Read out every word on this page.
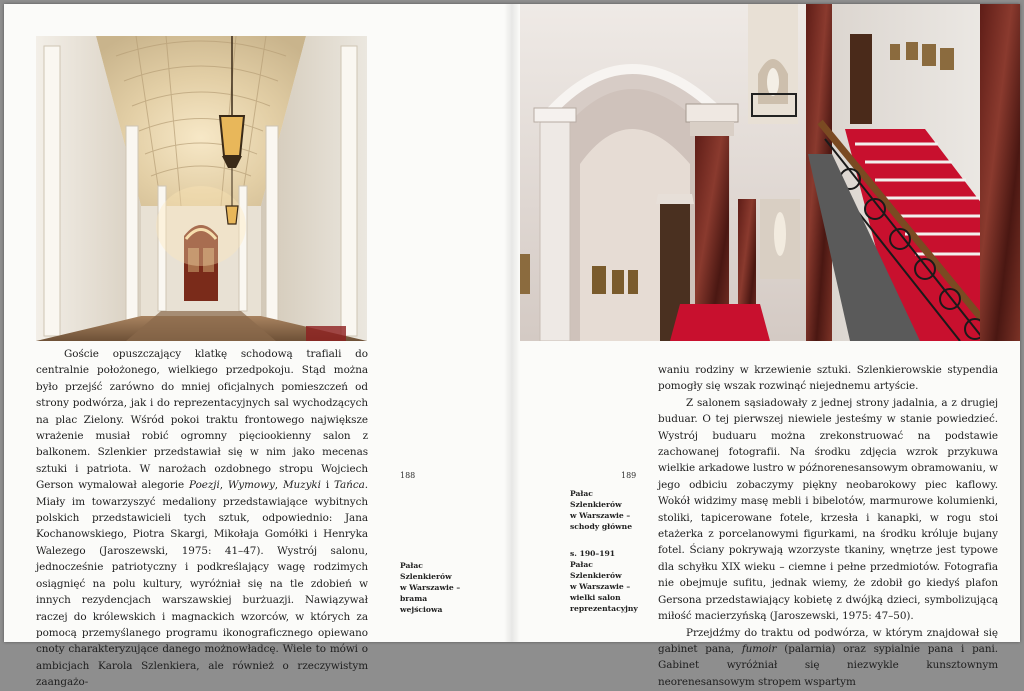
Goście opuszczający klatkę schodową trafiali do centralnie położonego, wielkiego przedpokoju. Stąd można było przejść zarówno do mniej oficjalnych pomieszczeń od strony podwórza, jak i do reprezentacyjnych sal wychodzących na plac Zielony. Wśród pokoi traktu frontowego największe wrażenie musiał robić ogromny pięciookienny salon z balkonem. Szlenkier przedstawiał się w nim jako mecenas sztuki i patriota. W narożach ozdobnego stropu Wojciech Gerson wymalował alegorie Poezji, Wymowy, Muzyki i Tańca. Miały im towarzyszyć medaliony przedstawiające wybitnych polskich przedstawicieli tych sztuk, odpowiednio: Jana Kochanowskiego, Piotra Skargi, Mikołaja Gomółki i Henryka Walezego (Jaroszewski, 1975: 41–47). Wystrój salonu, jednocześnie patriotyczny i podkreślający wagę rodzimych osiągnięć na polu kultury, wyróżniał się na tle zdobień w innych rezydencjach warszawskiej burżuazji. Nawiązywał raczej do królewskich i magnackich wzorców, w których za pomocą przemyślanego programu ikonograficznego opiewano cnoty charakteryzujące danego możnowładcę. Wiele to mówi o ambicjach Karola Szlenkiera, ale również o rzeczywistym zaangażo-

188
Pałac
Szlenkierów
w Warszawie –
brama
wejściowa
189
Pałac
Szlenkierów
w Warszawie –
schody główne
s. 190–191
Pałac
Szlenkierów
w Warszawie –
wielki salon
reprezentacyjny

waniu rodziny w krzewienie sztuki. Szlenkierowskie stypendia pomogły się wszak rozwinąć niejednemu artyście.

Z salonem sąsiadowały z jednej strony jadalnia, a z drugiej buduar. O tej pierwszej niewiele jesteśmy w stanie powiedzieć. Wystrój buduaru można zrekonstruować na podstawie zachowanej fotografii. Na środku zdjęcia wzrok przykuwa wielkie arkadowe lustro w późnorenesansowym obramowaniu, w jego odbiciu zobaczymy piękny neobarokowy piec kaflowy. Wokół widzimy masę mebli i bibelotów, marmurowe kolumienki, stoliki, tapicerowane fotele, krzesła i kanapki, w rogu stoi etażerka z porcelanowymi figurkami, na środku króluje bujany fotel. Ściany pokrywają wzorzyste tkaniny, wnętrze jest typowe dla schyłku XIX wieku – ciemne i pełne przedmiotów. Fotografia nie obejmuje sufitu, jednak wiemy, że zdobił go kiedyś plafon Gersona przedstawiający kobietę z dwójką dzieci, symbolizującą miłość macierzyńską (Jaroszewski, 1975: 47–50).

Przejdźmy do traktu od podwórza, w którym znajdował się gabinet pana, fumoir (palarnia) oraz sypialnie pana i pani. Gabinet wyróżniał się niezwykle kunsztownym neorenesansowym stropem wspartym
